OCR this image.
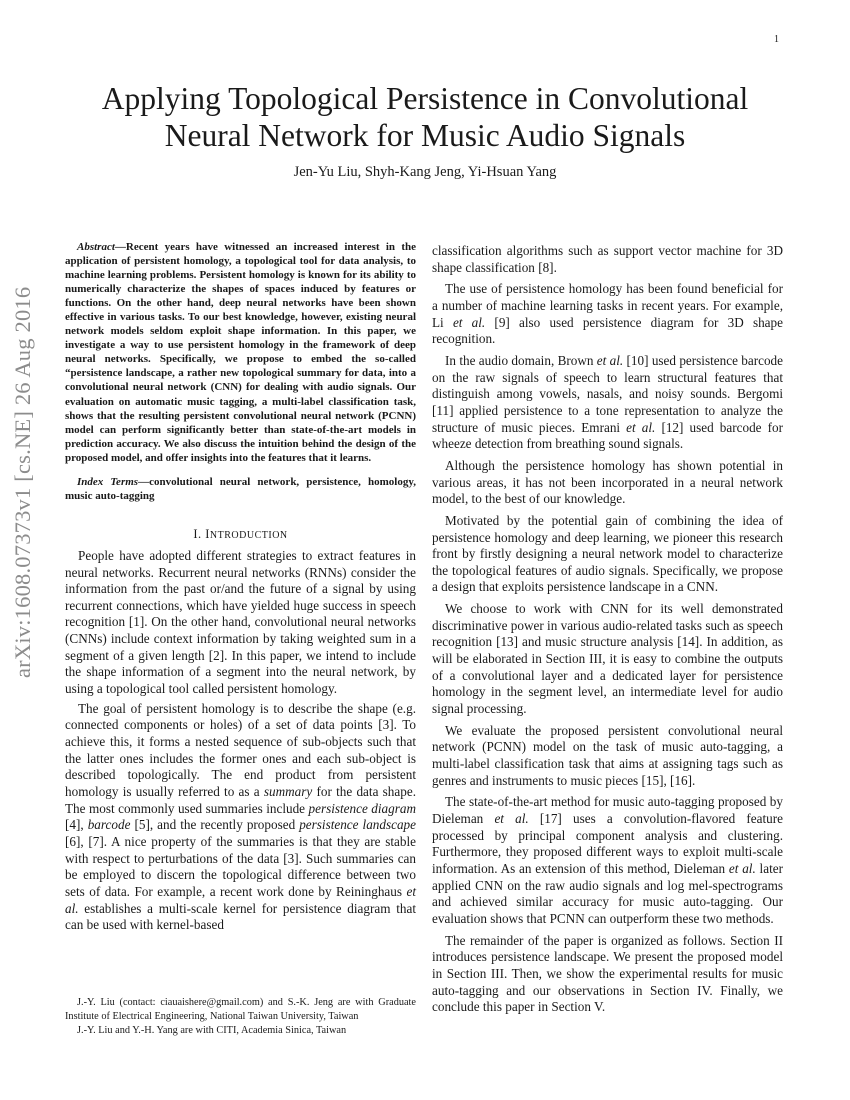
1
arXiv:1608.07373v1 [cs.NE] 26 Aug 2016
Applying Topological Persistence in Convolutional
Neural Network for Music Audio Signals
Jen-Yu Liu, Shyh-Kang Jeng, Yi-Hsuan Yang

Abstract—Recent years have witnessed an increased interest in the application of persistent homology, a topological tool for data analysis, to machine learning problems. Persistent homology is known for its ability to numerically characterize the shapes of spaces induced by features or functions. On the other hand, deep neural networks have been shown effective in various tasks. To our best knowledge, however, existing neural network models seldom exploit shape information. In this paper, we investigate a way to use persistent homology in the framework of deep neural networks. Specifically, we propose to embed the so-called “persistence landscape, a rather new topological summary for data, into a convolutional neural network (CNN) for dealing with audio signals. Our evaluation on automatic music tagging, a multi-label classification task, shows that the resulting persistent convolutional neural network (PCNN) model can perform significantly better than state-of-the-art models in prediction accuracy. We also discuss the intuition behind the design of the proposed model, and offer insights into the features that it learns.

Index Terms—convolutional neural network, persistence, homology, music auto-tagging

I. INTRODUCTION

People have adopted different strategies to extract features in neural networks. Recurrent neural networks (RNNs) consider the information from the past or/and the future of a signal by using recurrent connections, which have yielded huge success in speech recognition [1]. On the other hand, convolutional neural networks (CNNs) include context information by taking weighted sum in a segment of a given length [2]. In this paper, we intend to include the shape information of a segment into the neural network, by using a topological tool called persistent homology.

The goal of persistent homology is to describe the shape (e.g. connected components or holes) of a set of data points [3]. To achieve this, it forms a nested sequence of sub-objects such that the latter ones includes the former ones and each sub-object is described topologically. The end product from persistent homology is usually referred to as a summary for the data shape. The most commonly used summaries include persistence diagram [4], barcode [5], and the recently proposed persistence landscape [6], [7]. A nice property of the summaries is that they are stable with respect to perturbations of the data [3]. Such summaries can be employed to discern the topological difference between two sets of data. For example, a recent work done by Reininghaus et al. establishes a multi-scale kernel for persistence diagram that can be used with kernel-based

classification algorithms such as support vector machine for 3D shape classification [8].

The use of persistence homology has been found beneficial for a number of machine learning tasks in recent years. For example, Li et al. [9] also used persistence diagram for 3D shape recognition.

In the audio domain, Brown et al. [10] used persistence barcode on the raw signals of speech to learn structural features that distinguish among vowels, nasals, and noisy sounds. Bergomi [11] applied persistence to a tone representation to analyze the structure of music pieces. Emrani et al. [12] used barcode for wheeze detection from breathing sound signals.

Although the persistence homology has shown potential in various areas, it has not been incorporated in a neural network model, to the best of our knowledge.

Motivated by the potential gain of combining the idea of persistence homology and deep learning, we pioneer this research front by firstly designing a neural network model to characterize the topological features of audio signals. Specifically, we propose a design that exploits persistence landscape in a CNN.

We choose to work with CNN for its well demonstrated discriminative power in various audio-related tasks such as speech recognition [13] and music structure analysis [14]. In addition, as will be elaborated in Section III, it is easy to combine the outputs of a convolutional layer and a dedicated layer for persistence homology in the segment level, an intermediate level for audio signal processing.

We evaluate the proposed persistent convolutional neural network (PCNN) model on the task of music auto-tagging, a multi-label classification task that aims at assigning tags such as genres and instruments to music pieces [15], [16].

The state-of-the-art method for music auto-tagging proposed by Dieleman et al. [17] uses a convolution-flavored feature processed by principal component analysis and clustering. Furthermore, they proposed different ways to exploit multi-scale information. As an extension of this method, Dieleman et al. later applied CNN on the raw audio signals and log mel-spectrograms and achieved similar accuracy for music auto-tagging. Our evaluation shows that PCNN can outperform these two methods.

The remainder of the paper is organized as follows. Section II introduces persistence landscape. We present the proposed model in Section III. Then, we show the experimental results for music auto-tagging and our observations in Section IV. Finally, we conclude this paper in Section V.

J.-Y. Liu (contact: ciauaishere@gmail.com) and S.-K. Jeng are with Graduate Institute of Electrical Engineering, National Taiwan University, Taiwan

J.-Y. Liu and Y.-H. Yang are with CITI, Academia Sinica, Taiwan
